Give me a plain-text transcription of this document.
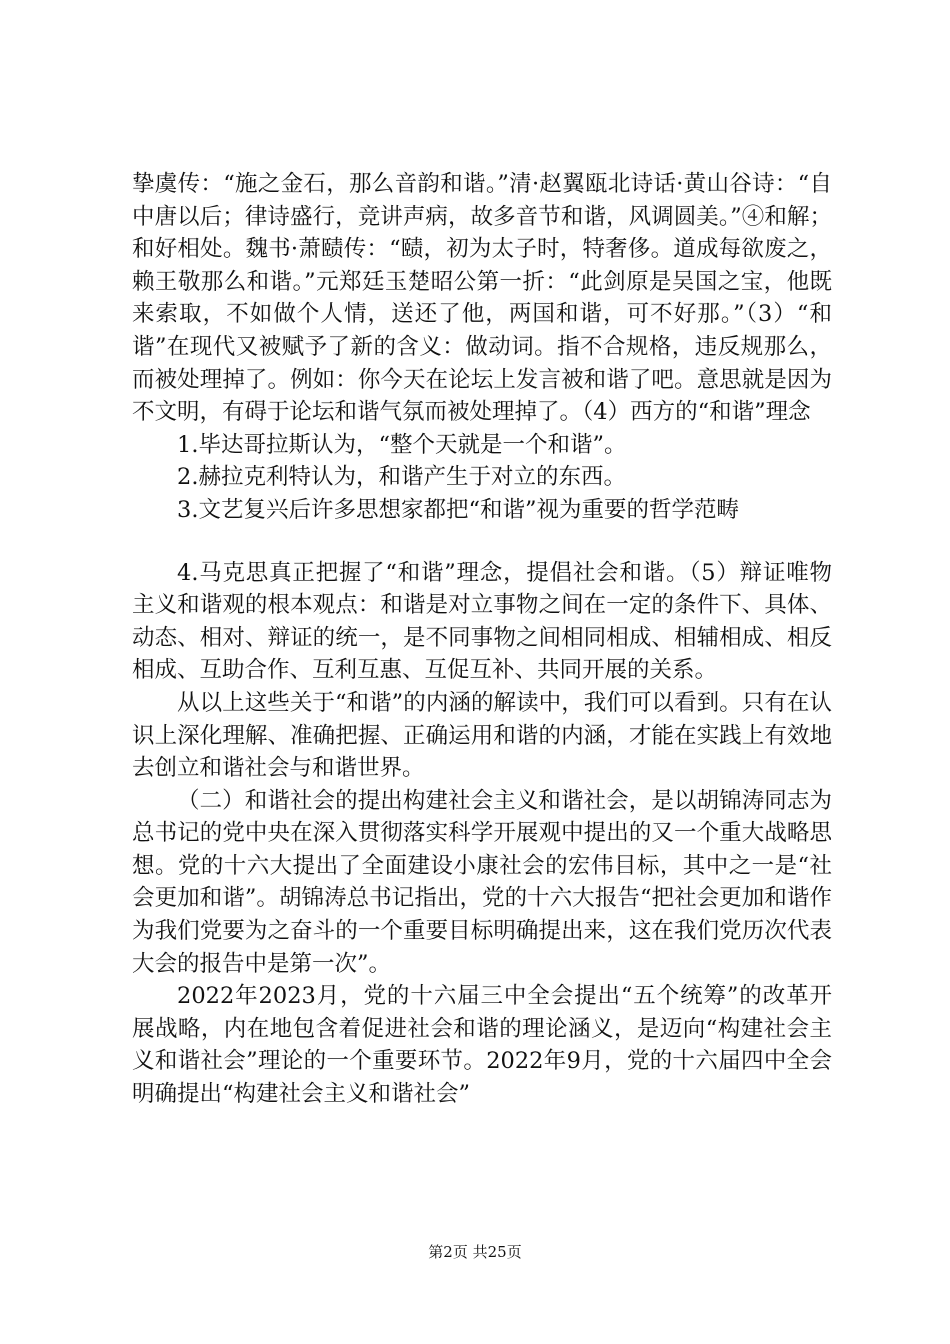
挚虞传：“施之金石，那么音韵和谐。”清·赵翼瓯北诗话·黄山谷诗：“自中唐以后；律诗盛行，竞讲声病，故多音节和谐，风调圆美。”④和解；和好相处。魏书·萧赜传：“赜，初为太子时，特奢侈。道成每欲废之，赖王敬那么和谐。”元郑廷玉楚昭公第一折：“此剑原是吴国之宝，他既来索取，不如做个人情，送还了他，两国和谐，可不好那。”（3）“和谐”在现代又被赋予了新的含义：做动词。指不合规格，违反规那么，而被处理掉了。例如：你今天在论坛上发言被和谐了吧。意思就是因为不文明，有碍于论坛和谐气氛而被处理掉了。（4）西方的“和谐”理念

1.毕达哥拉斯认为，“整个天就是一个和谐”。

2.赫拉克利特认为，和谐产生于对立的东西。

3.文艺复兴后许多思想家都把“和谐”视为重要的哲学范畴

4.马克思真正把握了“和谐”理念，提倡社会和谐。（5）辩证唯物主义和谐观的根本观点：和谐是对立事物之间在一定的条件下、具体、动态、相对、辩证的统一，是不同事物之间相同相成、相辅相成、相反相成、互助合作、互利互惠、互促互补、共同开展的关系。

从以上这些关于“和谐”的内涵的解读中，我们可以看到。只有在认识上深化理解、准确把握、正确运用和谐的内涵，才能在实践上有效地去创立和谐社会与和谐世界。

（二）和谐社会的提出构建社会主义和谐社会，是以胡锦涛同志为总书记的党中央在深入贯彻落实科学开展观中提出的又一个重大战略思想。党的十六大提出了全面建设小康社会的宏伟目标，其中之一是“社会更加和谐”。胡锦涛总书记指出，党的十六大报告“把社会更加和谐作为我们党要为之奋斗的一个重要目标明确提出来，这在我们党历次代表大会的报告中是第一次”。

2022年2023月，党的十六届三中全会提出“五个统筹”的改革开展战略，内在地包含着促进社会和谐的理论涵义，是迈向“构建社会主义和谐社会”理论的一个重要环节。2022年9月，党的十六届四中全会明确提出“构建社会主义和谐社会”

第2页 共25页
